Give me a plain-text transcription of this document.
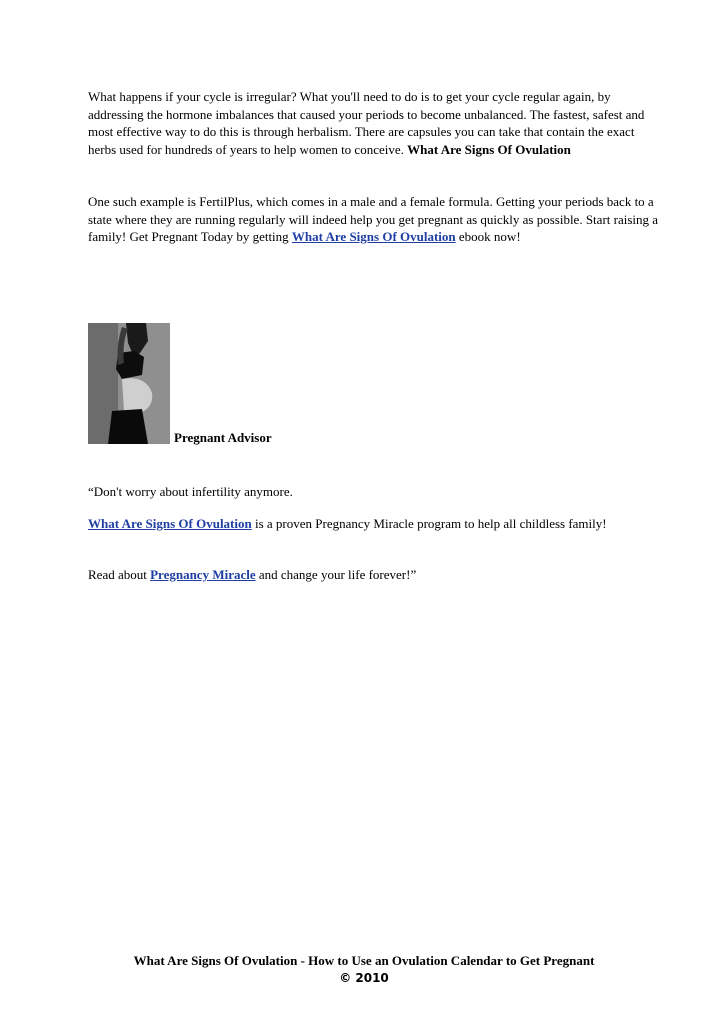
What happens if your cycle is irregular? What you'll need to do is to get your cycle regular again, by addressing the hormone imbalances that caused your periods to become unbalanced. The fastest, safest and most effective way to do this is through herbalism. There are capsules you can take that contain the exact herbs used for hundreds of years to help women to conceive. What Are Signs Of Ovulation

One such example is FertilPlus, which comes in a male and a female formula. Getting your periods back to a state where they are running regularly will indeed help you get pregnant as quickly as possible. Start raising a family! Get Pregnant Today by getting What Are Signs Of Ovulation ebook now!

Pregnant Advisor

“Don't worry about infertility anymore.

What Are Signs Of Ovulation is a proven Pregnancy Miracle program to help all childless family!

Read about Pregnancy Miracle and change your life forever!”

What Are Signs Of Ovulation - How to Use an Ovulation Calendar to Get Pregnant
© 2010
